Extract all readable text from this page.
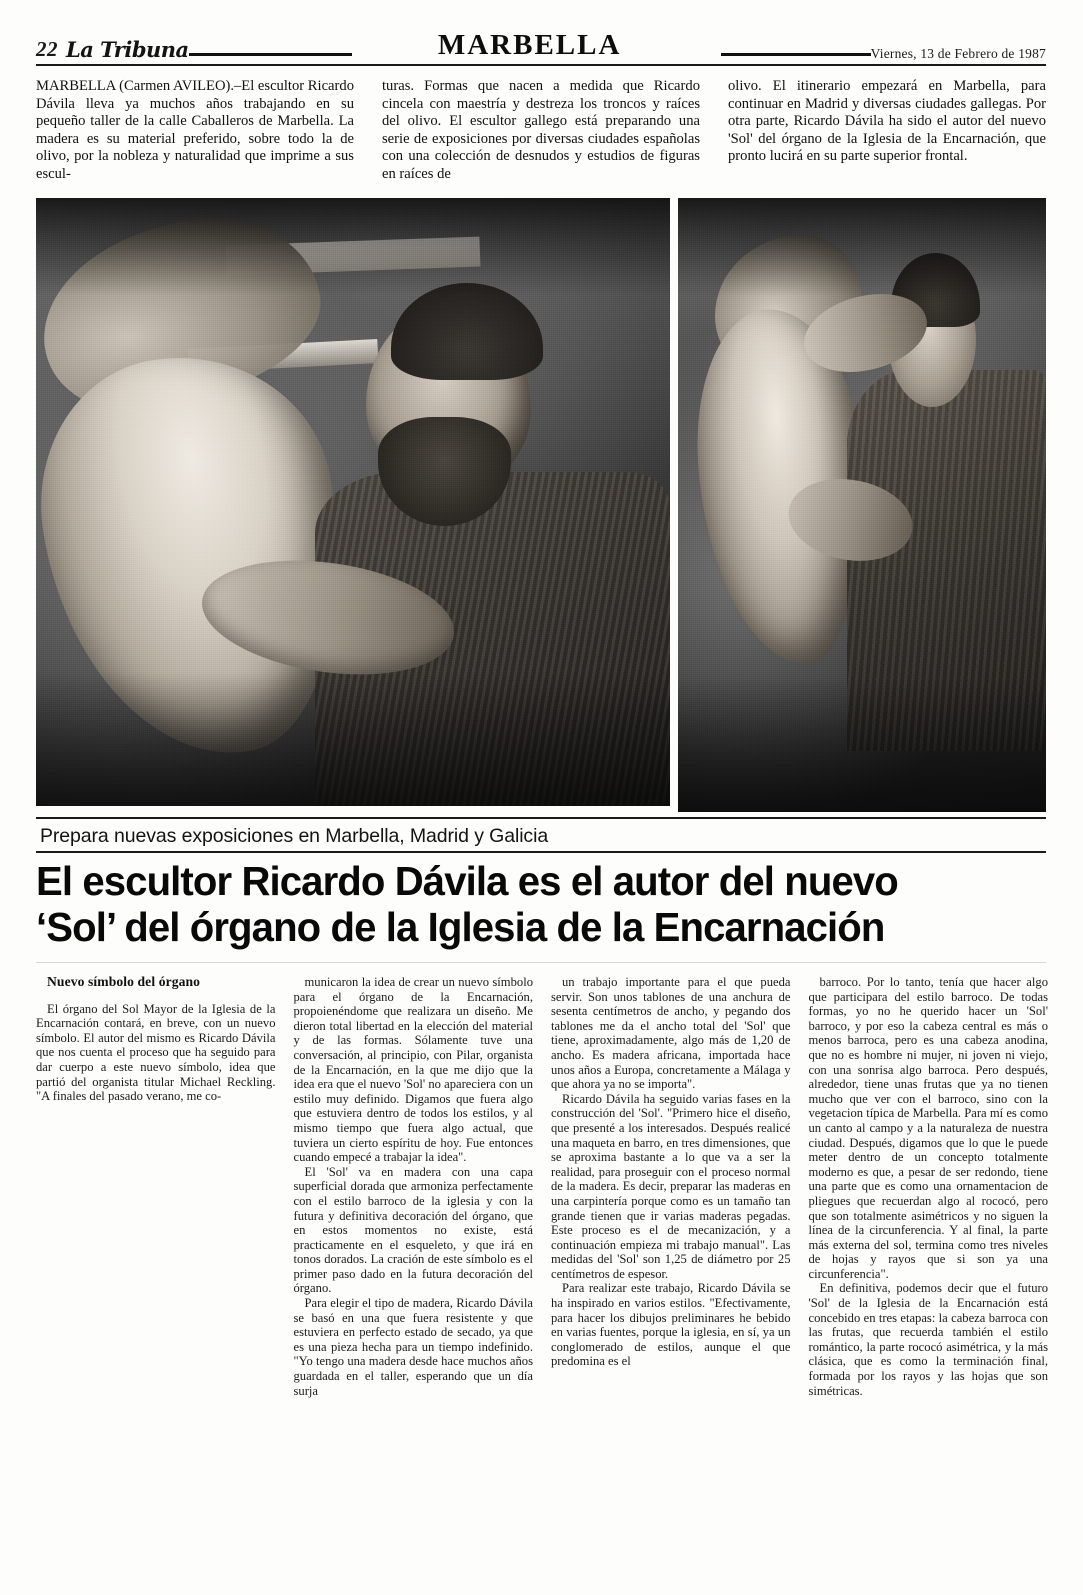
22 La Tribuna	MARBELLA	Viernes, 13 de Febrero de 1987

MARBELLA (Carmen AVILEO).–El escultor Ricardo Dávila lleva ya muchos años trabajando en su pequeño taller de la calle Caballeros de Marbella. La madera es su material preferido, sobre todo la de olivo, por la nobleza y naturalidad que imprime a sus escul-

turas. Formas que nacen a medida que Ricardo cincela con maestría y destreza los troncos y raíces del olivo. El escultor gallego está preparando una serie de exposiciones por diversas ciudades españolas con una colección de desnudos y estudios de figuras en raíces de

olivo. El itinerario empezará en Marbella, para continuar en Madrid y diversas ciudades gallegas. Por otra parte, Ricardo Dávila ha sido el autor del nuevo 'Sol' del órgano de la Iglesia de la Encarnación, que pronto lucirá en su parte superior frontal.

Prepara nuevas exposiciones en Marbella, Madrid y Galicia
El escultor Ricardo Dávila es el autor del nuevo
‘Sol’ del órgano de la Iglesia de la Encarnación

Nuevo símbolo del órgano

El órgano del Sol Mayor de la Iglesia de la Encarnación contará, en breve, con un nuevo símbolo. El autor del mismo es Ricardo Dávila que nos cuenta el proceso que ha seguido para dar cuerpo a este nuevo símbolo, idea que partió del organista titular Michael Reckling. "A finales del pasado verano, me co-

municaron la idea de crear un nuevo símbolo para el órgano de la Encarnación, propoienéndome que realizara un diseño. Me dieron total libertad en la elección del material y de las formas. Sólamente tuve una conversación, al principio, con Pilar, organista de la Encarnación, en la que me dijo que la idea era que el nuevo 'Sol' no apareciera con un estilo muy definido. Digamos que fuera algo que estuviera dentro de todos los estilos, y al mismo tiempo que fuera algo actual, que tuviera un cierto espíritu de hoy. Fue entonces cuando empecé a trabajar la idea".

El 'Sol' va en madera con una capa superficial dorada que armoniza perfectamente con el estilo barroco de la iglesia y con la futura y definitiva decoración del órgano, que en estos momentos no existe, está practicamente en el esqueleto, y que irá en tonos dorados. La cración de este símbolo es el primer paso dado en la futura decoración del órgano.

Para elegir el tipo de madera, Ricardo Dávila se basó en una que fuera resistente y que estuviera en perfecto estado de secado, ya que es una pieza hecha para un tiempo indefinido. "Yo tengo una madera desde hace muchos años guardada en el taller, esperando que un día surja

un trabajo importante para el que pueda servir. Son unos tablones de una anchura de sesenta centímetros de ancho, y pegando dos tablones me da el ancho total del 'Sol' que tiene, aproximadamente, algo más de 1,20 de ancho. Es madera africana, importada hace unos años a Europa, concretamente a Málaga y que ahora ya no se importa".

Ricardo Dávila ha seguido varias fases en la construcción del 'Sol'. "Primero hice el diseño, que presenté a los interesados. Después realicé una maqueta en barro, en tres dimensiones, que se aproxima bastante a lo que va a ser la realidad, para proseguir con el proceso normal de la madera. Es decir, preparar las maderas en una carpintería porque como es un tamaño tan grande tienen que ir varias maderas pegadas. Este proceso es el de mecanización, y a continuación empieza mi trabajo manual". Las medidas del 'Sol' son 1,25 de diámetro por 25 centímetros de espesor.

Para realizar este trabajo, Ricardo Dávila se ha inspirado en varios estilos. "Efectivamente, para hacer los dibujos preliminares he bebido en varias fuentes, porque la iglesia, en sí, ya un conglomerado de estilos, aunque el que predomina es el

barroco. Por lo tanto, tenía que hacer algo que participara del estilo barroco. De todas formas, yo no he querido hacer un 'Sol' barroco, y por eso la cabeza central es más o menos barroca, pero es una cabeza anodina, que no es hombre ni mujer, ni joven ni viejo, con una sonrisa algo barroca. Pero después, alrededor, tiene unas frutas que ya no tienen mucho que ver con el barroco, sino con la vegetacion típica de Marbella. Para mí es como un canto al campo y a la naturaleza de nuestra ciudad. Después, digamos que lo que le puede meter dentro de un concepto totalmente moderno es que, a pesar de ser redondo, tiene una parte que es como una ornamentacion de pliegues que recuerdan algo al rococó, pero que son totalmente asimétricos y no siguen la línea de la circunferencia. Y al final, la parte más externa del sol, termina como tres niveles de hojas y rayos que si son ya una circunferencia".

En definitiva, podemos decir que el futuro 'Sol' de la Iglesia de la Encarnación está concebido en tres etapas: la cabeza barroca con las frutas, que recuerda también el estilo romántico, la parte rococó asimétrica, y la más clásica, que es como la terminación final, formada por los rayos y las hojas que son simétricas.
